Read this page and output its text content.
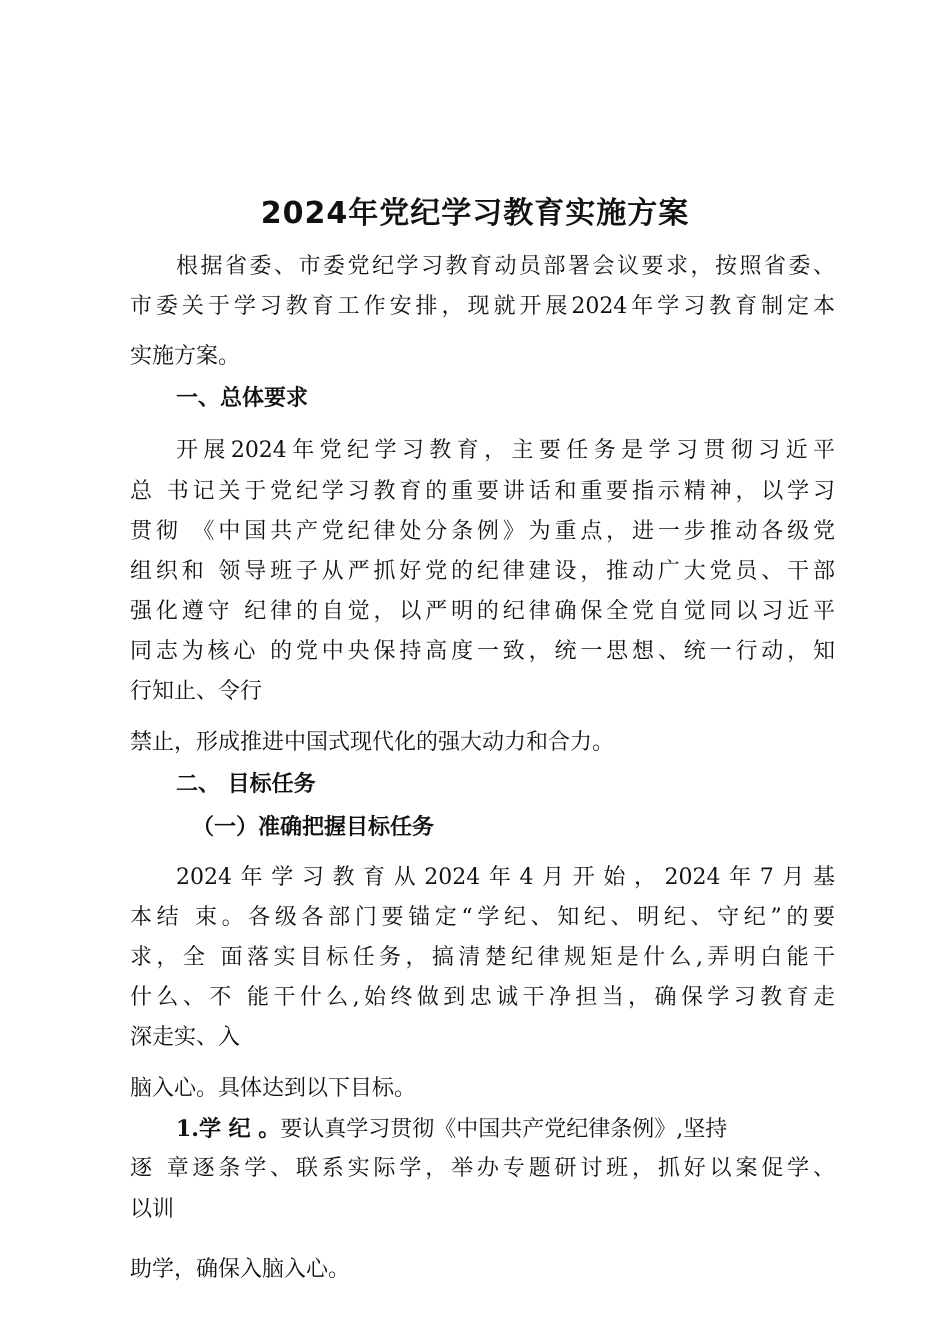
2024年党纪学习教育实施方案
根据省委、市委党纪学习教育动员部署会议要求，按照省委、
市委关于学习教育工作安排，现就开展2024年学习教育制定本
实施方案。
一、总体要求
开展2024年党纪学习教育，主要任务是学习贯彻习近平
总 书记关于党纪学习教育的重要讲话和重要指示精神，以学习
贯彻 《中国共产党纪律处分条例》为重点，进一步推动各级党
组织和 领导班子从严抓好党的纪律建设，推动广大党员、干部
强化遵守 纪律的自觉，以严明的纪律确保全党自觉同以习近平
同志为核心 的党中央保持高度一致，统一思想、统一行动，知
行知止、令行
禁止，形成推进中国式现代化的强大动力和合力。
二、 目标任务
（一）准确把握目标任务
2024年学习教育从2024年4月开始，2024年7月基
本结 束。各级各部门要锚定“学纪、知纪、明纪、守纪”的要
求，全 面落实目标任务，搞清楚纪律规矩是什么,弄明白能干
什么、不 能干什么,始终做到忠诚干净担当，确保学习教育走
深走实、入
脑入心。具体达到以下目标。
1.学 纪 。要认真学习贯彻《中国共产党纪律条例》,坚持
逐 章逐条学、联系实际学，举办专题研讨班，抓好以案促学、
以训
助学，确保入脑入心。
